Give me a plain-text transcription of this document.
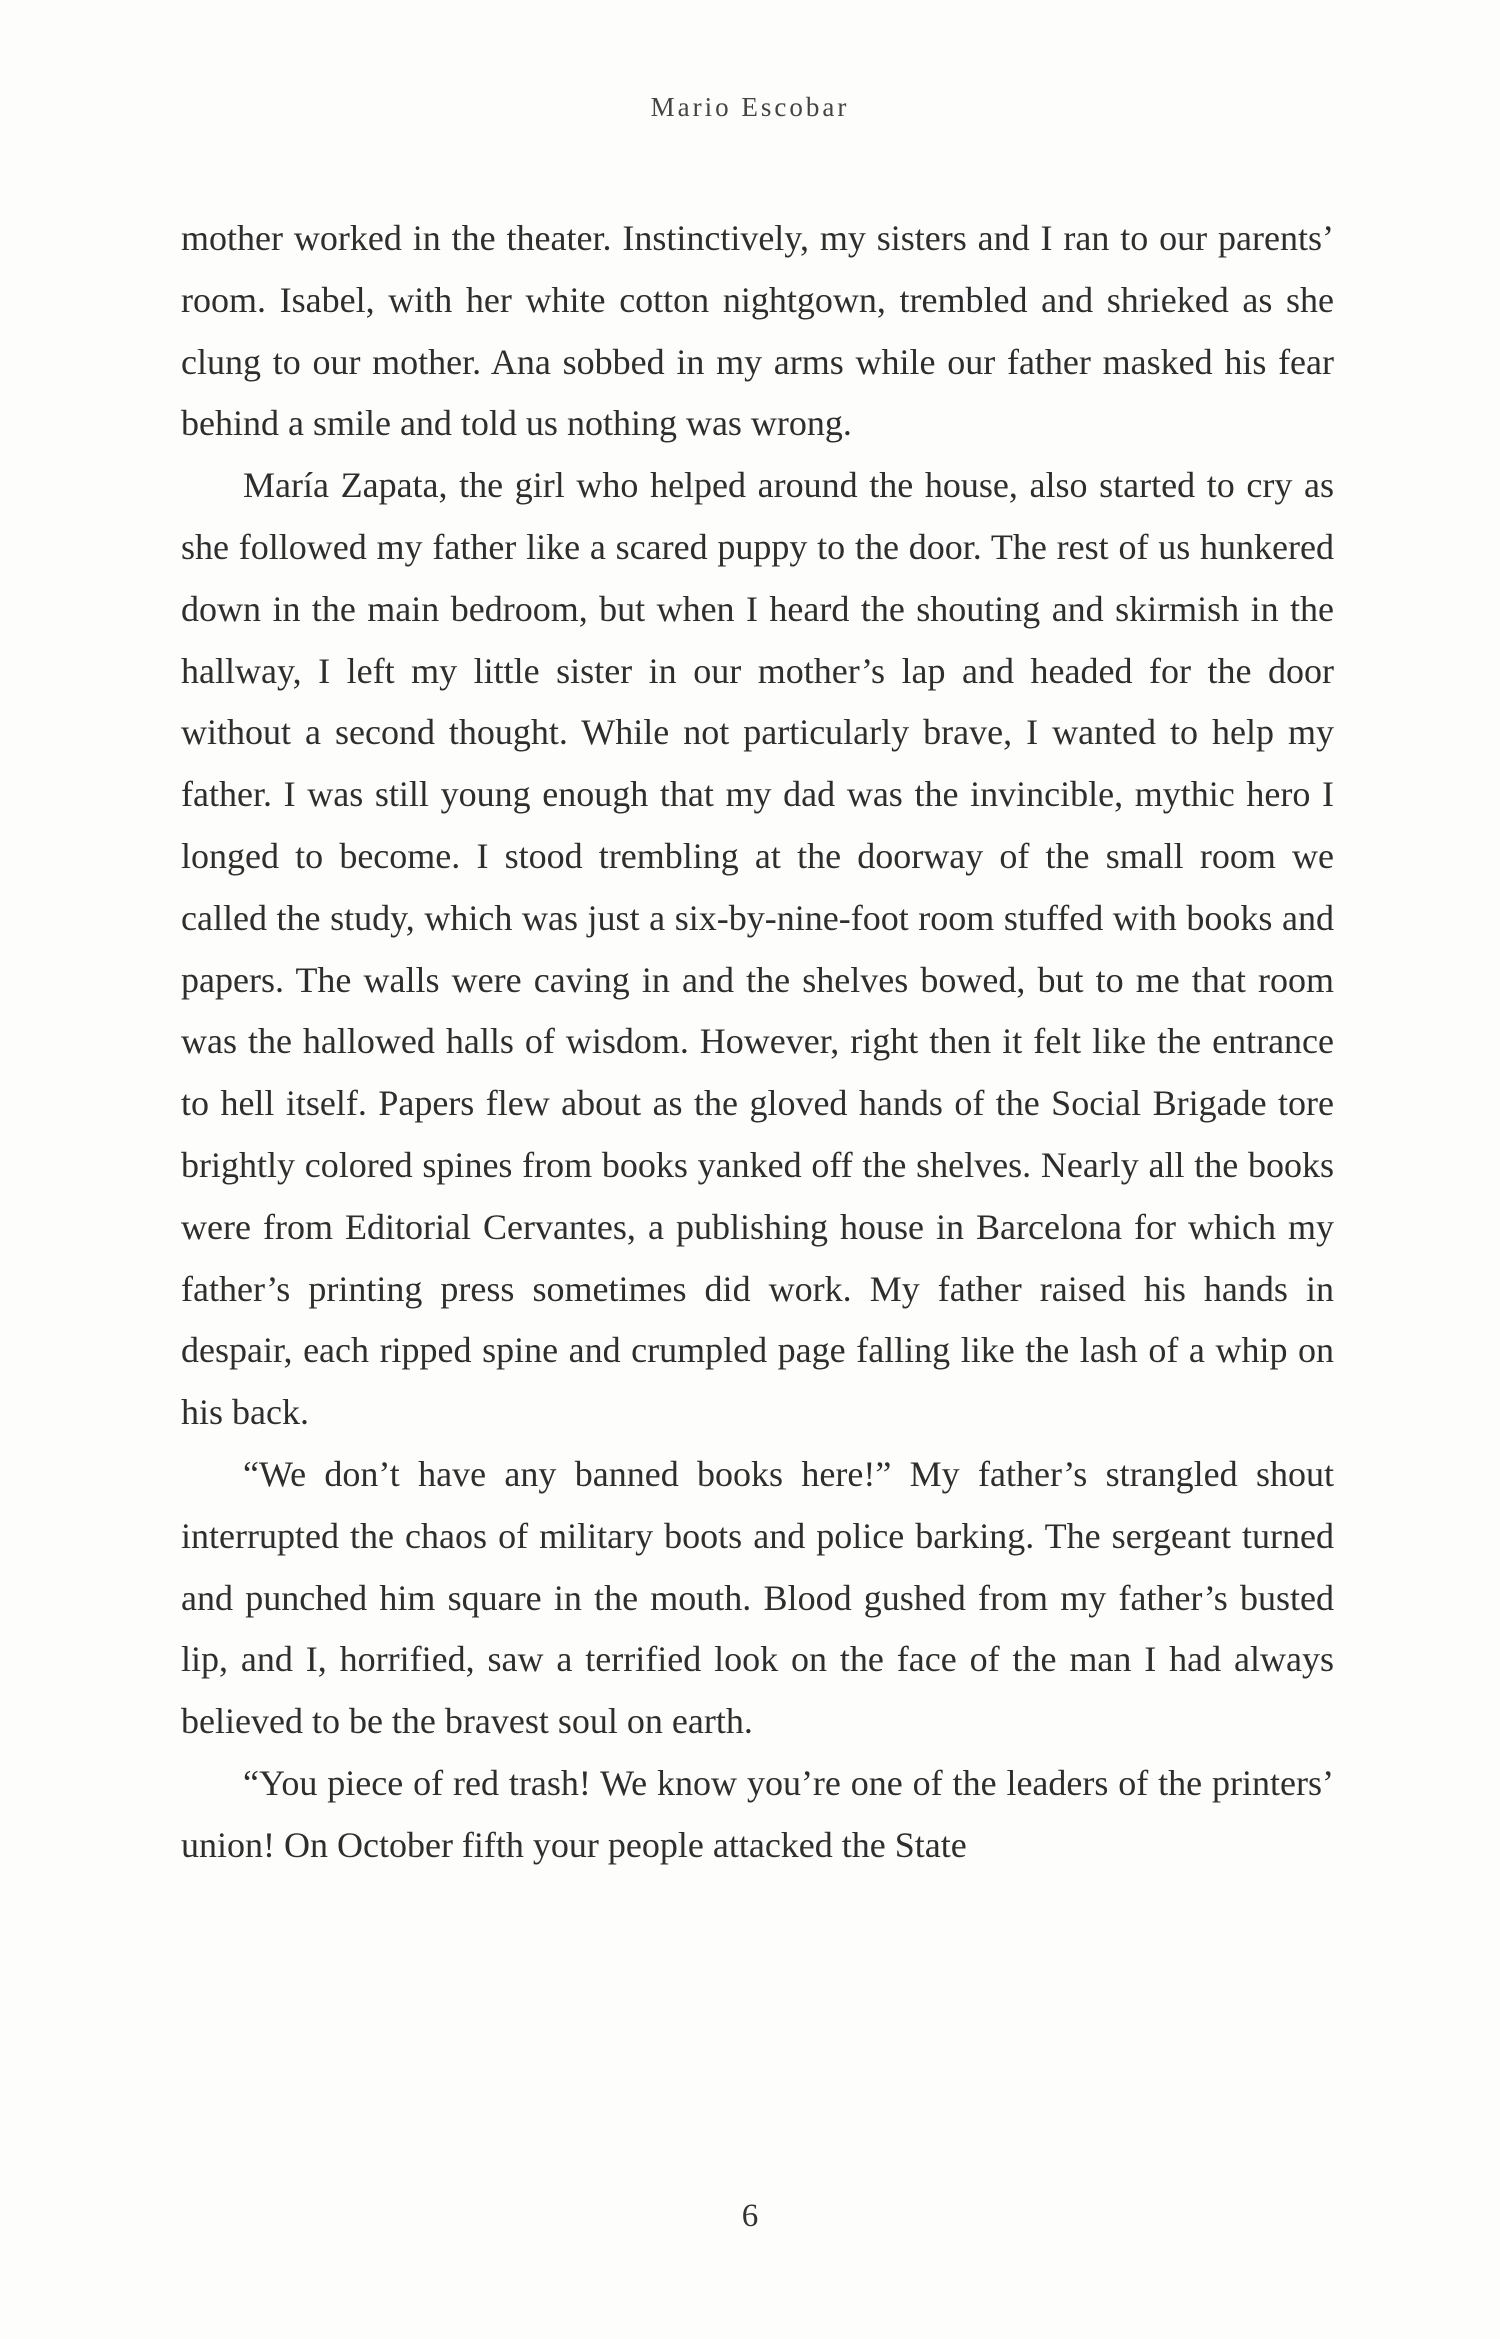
Mario Escobar

mother worked in the theater. Instinctively, my sisters and I ran to our parents’ room. Isabel, with her white cotton nightgown, trembled and shrieked as she clung to our mother. Ana sobbed in my arms while our father masked his fear behind a smile and told us nothing was wrong.

María Zapata, the girl who helped around the house, also started to cry as she followed my father like a scared puppy to the door. The rest of us hunkered down in the main bedroom, but when I heard the shouting and skirmish in the hallway, I left my little sister in our mother’s lap and headed for the door without a second thought. While not particularly brave, I wanted to help my father. I was still young enough that my dad was the invincible, mythic hero I longed to become. I stood trembling at the doorway of the small room we called the study, which was just a six-by-nine-foot room stuffed with books and papers. The walls were caving in and the shelves bowed, but to me that room was the hallowed halls of wisdom. However, right then it felt like the entrance to hell itself. Papers flew about as the gloved hands of the Social Brigade tore brightly colored spines from books yanked off the shelves. Nearly all the books were from Editorial Cervantes, a publishing house in Barcelona for which my father’s printing press sometimes did work. My father raised his hands in despair, each ripped spine and crumpled page falling like the lash of a whip on his back.

“We don’t have any banned books here!” My father’s strangled shout interrupted the chaos of military boots and police barking. The sergeant turned and punched him square in the mouth. Blood gushed from my father’s busted lip, and I, horrified, saw a terrified look on the face of the man I had always believed to be the bravest soul on earth.

“You piece of red trash! We know you’re one of the leaders of the printers’ union! On October fifth your people attacked the State

6
